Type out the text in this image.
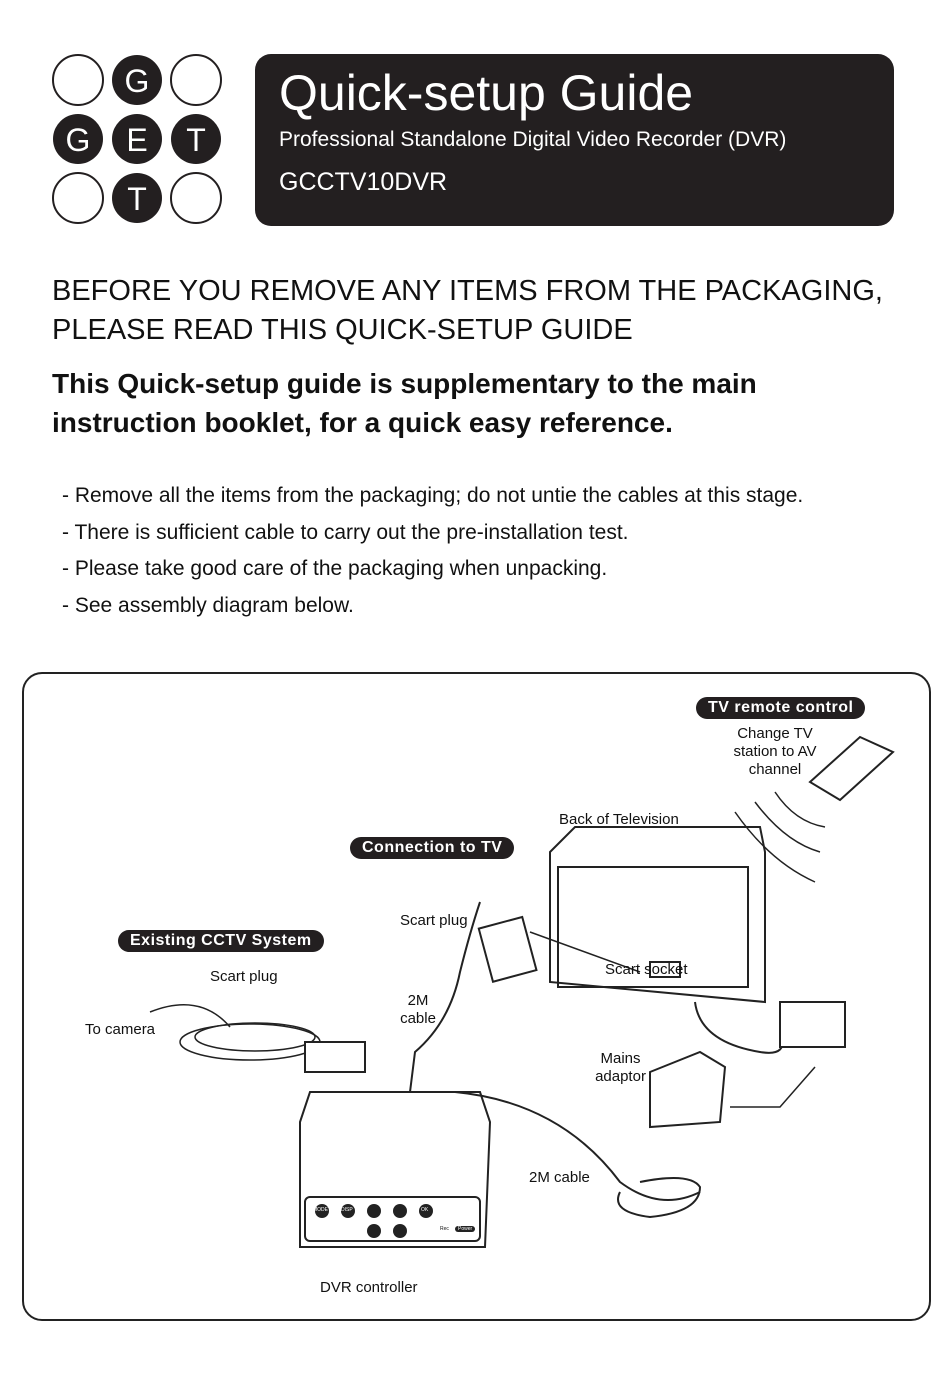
G
G E T
T
Quick-setup Guide
Professional Standalone Digital Video Recorder (DVR)
GCCTV10DVR
BEFORE YOU REMOVE ANY ITEMS FROM THE PACKAGING, PLEASE READ THIS QUICK-SETUP GUIDE
This Quick-setup guide is supplementary to the main instruction booklet, for a quick easy reference.
- Remove all the items from the packaging; do not untie the cables at this stage.
- There is sufficient cable to carry out the pre-installation test.
- Please take good care of the packaging when unpacking.
- See assembly diagram below.
TV remote control
Change TV station to AV channel
Back of Television
Connection to TV
Scart plug
Scart socket
2M cable
Existing CCTV System
Scart plug
To camera
Mains adaptor
2M cable
DVR controller
MODE	DISP	OK
Rec	Power
